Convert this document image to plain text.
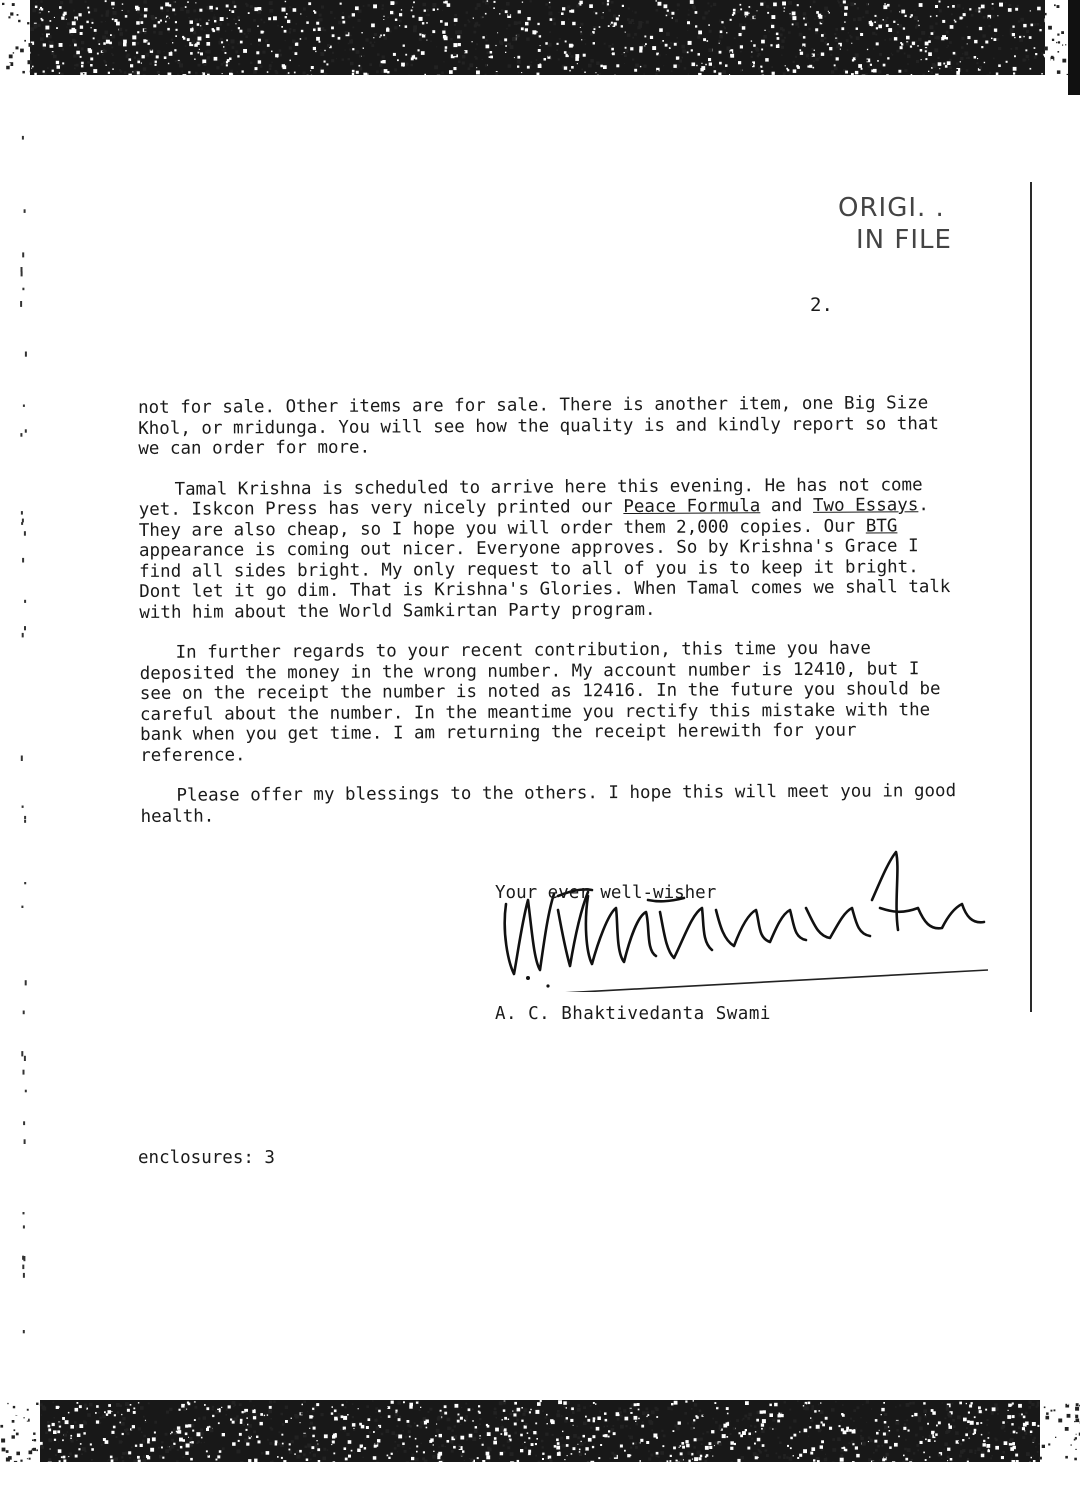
ORIGI. .
IN FILE
2.

not for sale. Other items are for sale. There is another item, one Big Size Khol, or mridunga. You will see how the quality is and kindly report so that we can order for more.

Tamal Krishna is scheduled to arrive here this evening. He has not come yet. Iskcon Press has very nicely printed our Peace Formula and Two Essays. They are also cheap, so I hope you will order them 2,000 copies. Our BTG appearance is coming out nicer. Everyone approves. So by Krishna's Grace I find all sides bright. My only request to all of you is to keep it bright. Dont let it go dim. That is Krishna's Glories. When Tamal comes we shall talk with him about the World Samkirtan Party program.

In further regards to your recent contribution, this time you have deposited the money in the wrong number. My account number is 12410, but I see on the receipt the number is noted as 12416. In the future you should be careful about the number. In the meantime you rectify this mistake with the bank when you get time. I am returning the receipt herewith for your reference.

Please offer my blessings to the others. I hope this will meet you in good health.

Your ever well-wisher
A. C. Bhaktivedanta Swami
enclosures: 3
